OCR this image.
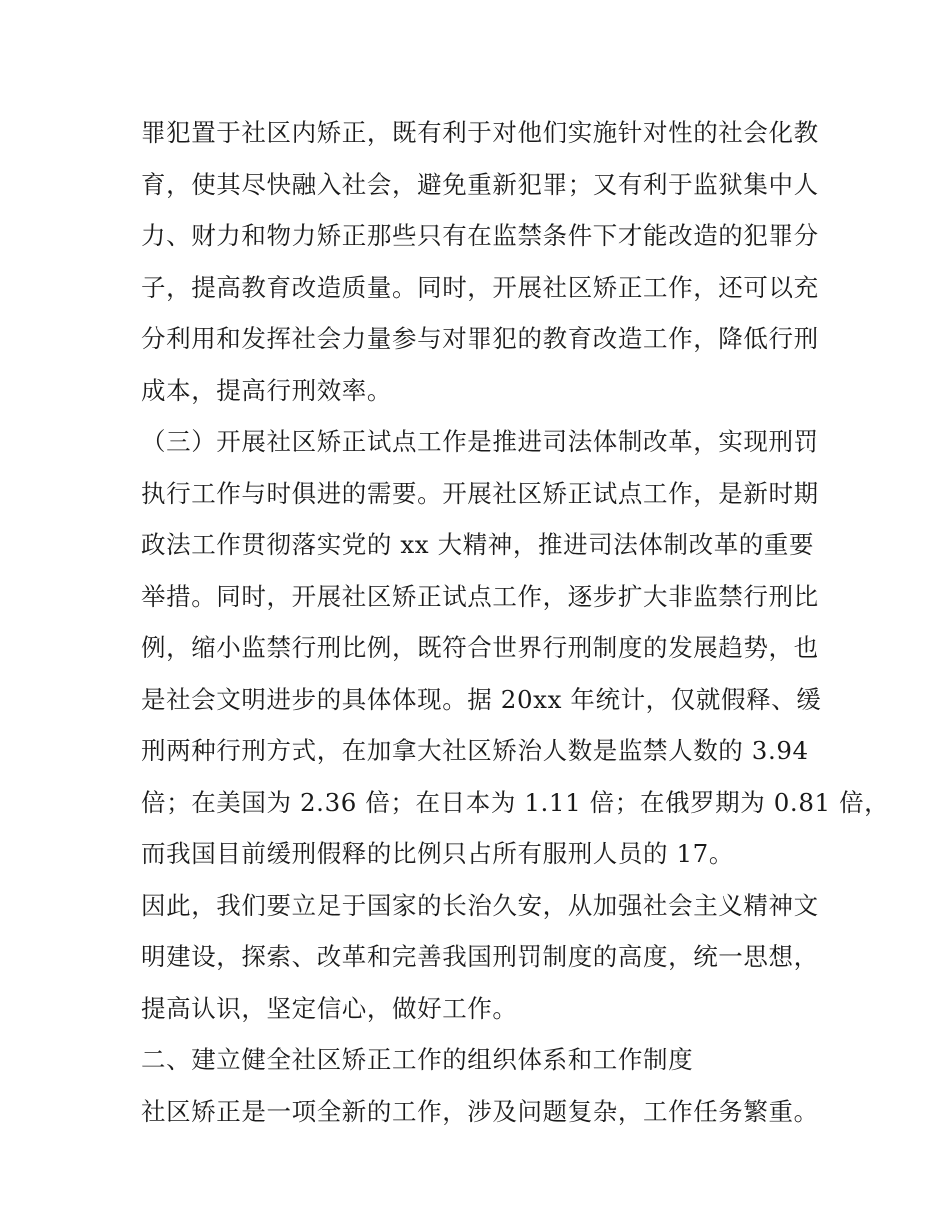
罪犯置于社区内矫正，既有利于对他们实施针对性的社会化教
育，使其尽快融入社会，避免重新犯罪；又有利于监狱集中人
力、财力和物力矫正那些只有在监禁条件下才能改造的犯罪分
子，提高教育改造质量。同时，开展社区矫正工作，还可以充
分利用和发挥社会力量参与对罪犯的教育改造工作，降低行刑
成本，提高行刑效率。
（三）开展社区矫正试点工作是推进司法体制改革，实现刑罚
执行工作与时俱进的需要。开展社区矫正试点工作，是新时期
政法工作贯彻落实党的 xx 大精神，推进司法体制改革的重要
举措。同时，开展社区矫正试点工作，逐步扩大非监禁行刑比
例，缩小监禁行刑比例，既符合世界行刑制度的发展趋势，也
是社会文明进步的具体体现。据 20xx 年统计，仅就假释、缓
刑两种行刑方式，在加拿大社区矫治人数是监禁人数的 3.94
倍；在美国为 2.36 倍；在日本为 1.11 倍；在俄罗期为 0.81 倍，
而我国目前缓刑假释的比例只占所有服刑人员的 17。
因此，我们要立足于国家的长治久安，从加强社会主义精神文
明建设，探索、改革和完善我国刑罚制度的高度，统一思想，
提高认识，坚定信心，做好工作。
二、建立健全社区矫正工作的组织体系和工作制度
社区矫正是一项全新的工作，涉及问题复杂，工作任务繁重。
